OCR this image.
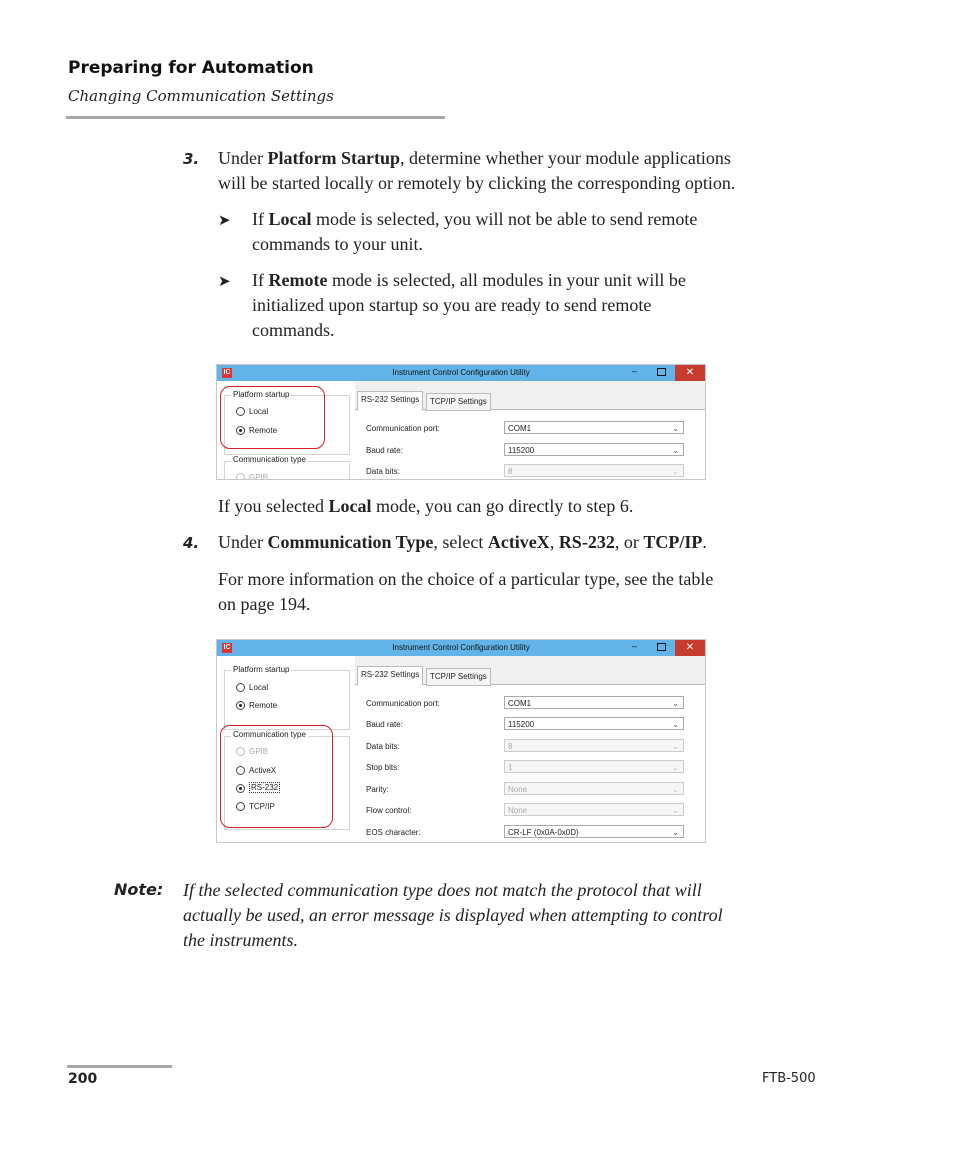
Preparing for Automation
Changing Communication Settings
3. Under Platform Startup, determine whether your module applications
will be started locally or remotely by clicking the corresponding option.
➤ If Local mode is selected, you will not be able to send remote
commands to your unit.
➤ If Remote mode is selected, all modules in your unit will be
initialized upon startup so you are ready to send remote
commands.
IC	Instrument Control Configuration Utility	–	✕
Platform startup
Local
Remote
Communication type
GPIB
Communication port:	COM1	⌄
Baud rate:	115200	⌄
Data bits:	8	⌄
RS-232 Settings	TCP/IP Settings
If you selected Local mode, you can go directly to step 6.
4. Under Communication Type, select ActiveX, RS-232, or TCP/IP.
For more information on the choice of a particular type, see the table
on page 194.
IC	Instrument Control Configuration Utility	–	✕
Platform startup
Local
Remote
Communication type
GPIB
ActiveX
RS-232
TCP/IP
Communication port:	COM1	⌄
Baud rate:	115200	⌄
Data bits:	8	⌄
Stop bits:	1	⌄
Parity:	None	⌄
Flow control:	None	⌄
EOS character:	CR-LF (0x0A-0x0D)	⌄
RS-232 Settings	TCP/IP Settings
Note: If the selected communication type does not match the protocol that will
actually be used, an error message is displayed when attempting to control
the instruments.
200	FTB-500
